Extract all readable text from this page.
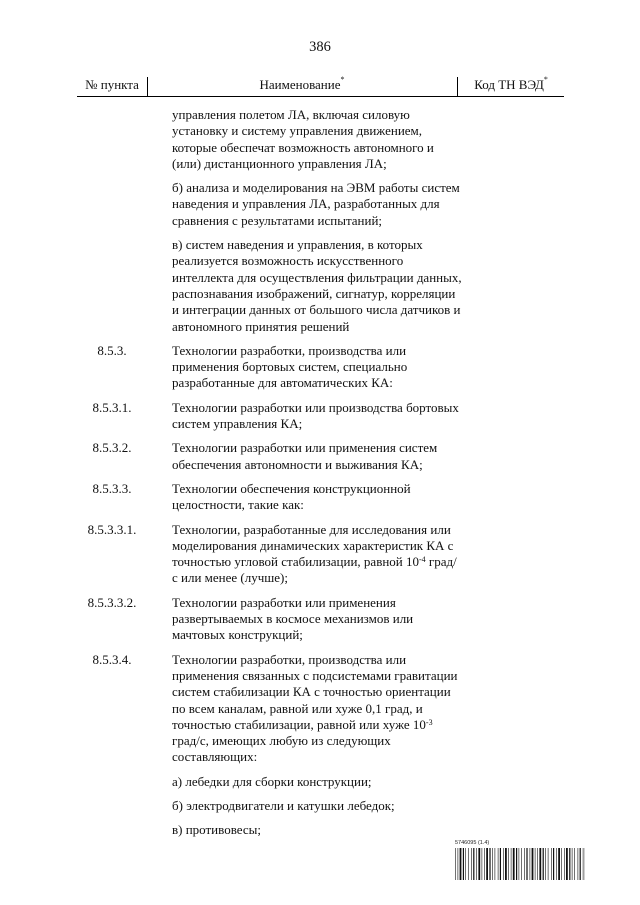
386
№ пункта	Наименование*	Код ТН ВЭД*
управления полетом ЛА, включая силовую установку и систему управления движением, которые обеспечат возможность автономного и (или) дистанционного управления ЛА;
б) анализа и моделирования на ЭВМ работы систем наведения и управления ЛА, разработанных для сравнения с результатами испытаний;
в) систем наведения и управления, в которых реализуется возможность искусственного интеллекта для осуществления фильтрации данных, распознавания изображений, сигнатур, корреляции и интеграции данных от большого числа датчиков и автономного принятия решений
8.5.3.	Технологии разработки, производства или применения бортовых систем, специально разработанные для автоматических КА:
8.5.3.1.	Технологии разработки или производства бортовых систем управления КА;
8.5.3.2.	Технологии разработки или применения систем обеспечения автономности и выживания КА;
8.5.3.3.	Технологии обеспечения конструкционной целостности, такие как:
8.5.3.3.1.	Технологии, разработанные для исследования или моделирования динамических характеристик КА с точностью угловой стабилизации, равной $10^{-4}$ град/с или менее (лучше);
8.5.3.3.2.	Технологии разработки или применения развертываемых в космосе механизмов или мачтовых конструкций;
8.5.3.4.	Технологии разработки, производства или применения связанных с подсистемами гравитации систем стабилизации КА с точностью ориентации по всем каналам, равной или хуже 0,1 град, и точностью стабилизации, равной или хуже $10^{-3}$ град/с, имеющих любую из следующих составляющих:
а) лебедки для сборки конструкции;
б) электродвигатели и катушки лебедок;
в) противовесы;
5746095 (1.4)
